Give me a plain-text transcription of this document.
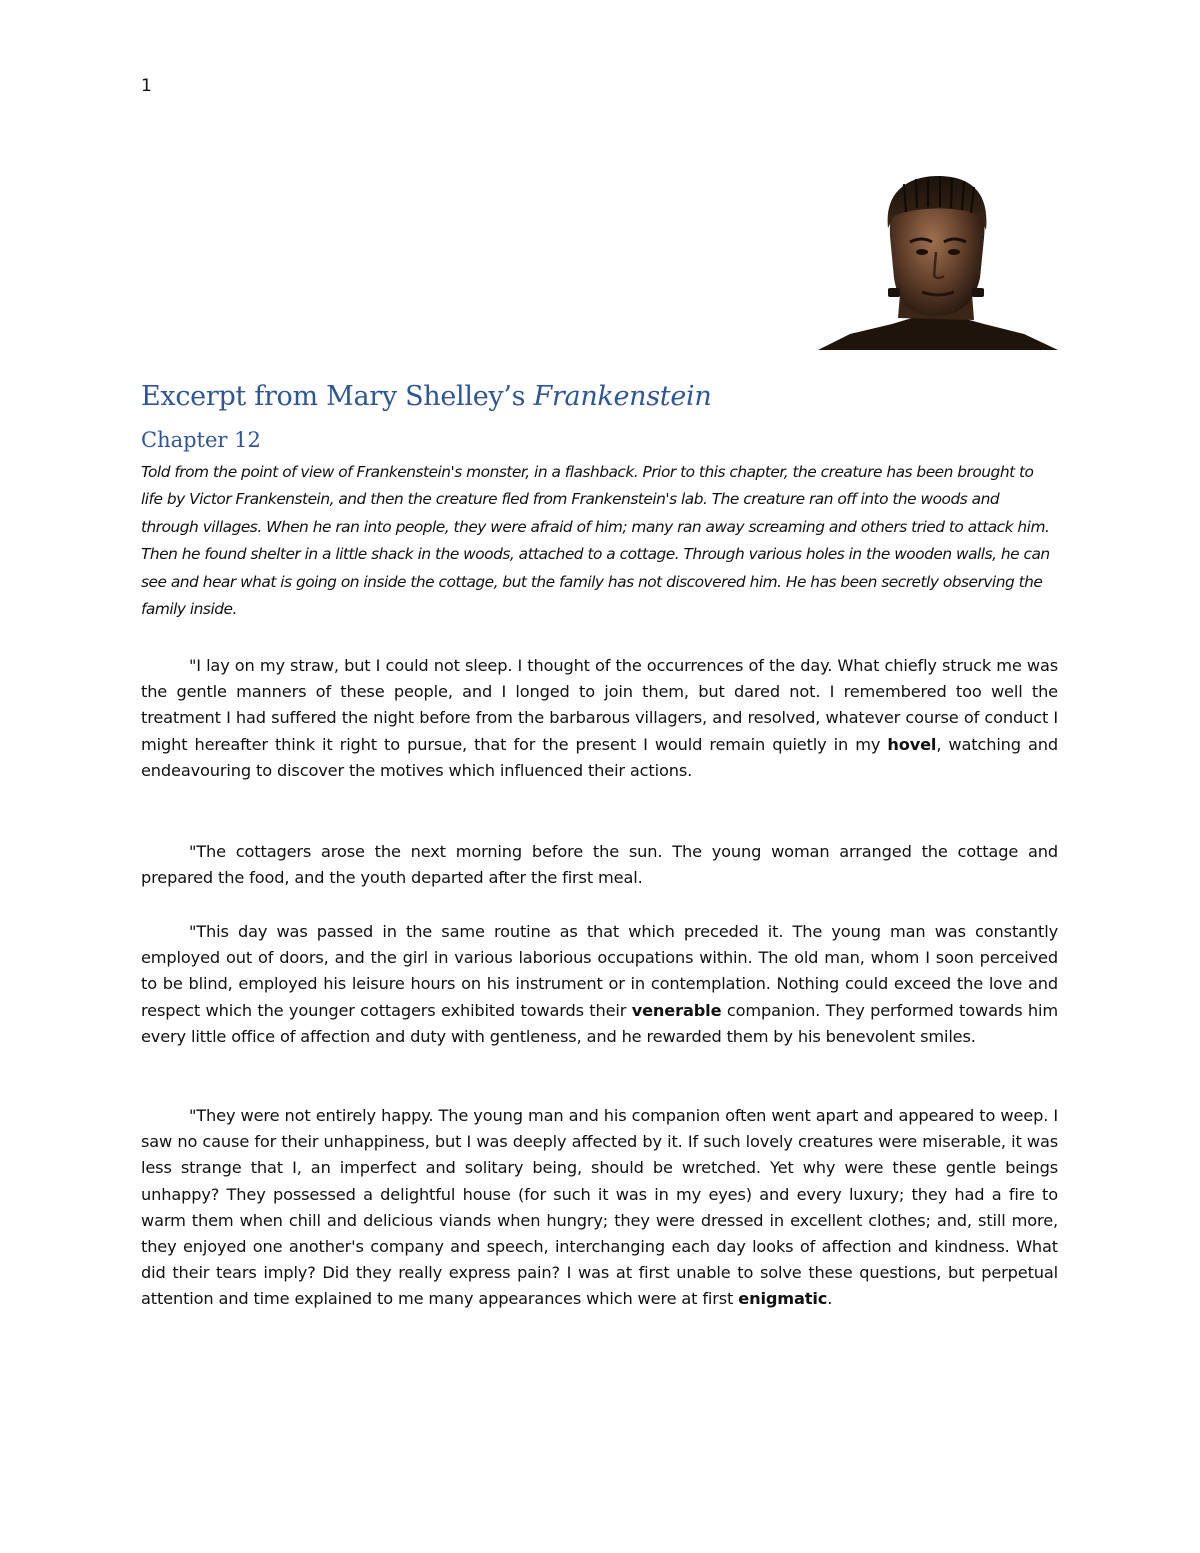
1
Excerpt from Mary Shelley’s Frankenstein
Chapter 12

Told from the point of view of Frankenstein's monster, in a flashback. Prior to this chapter, the creature has been brought to life by Victor Frankenstein, and then the creature fled from Frankenstein's lab. The creature ran off into the woods and through villages. When he ran into people, they were afraid of him; many ran away screaming and others tried to attack him. Then he found shelter in a little shack in the woods, attached to a cottage. Through various holes in the wooden walls, he can see and hear what is going on inside the cottage, but the family has not discovered him. He has been secretly observing the family inside.

"I lay on my straw, but I could not sleep. I thought of the occurrences of the day. What chiefly struck me was the gentle manners of these people, and I longed to join them, but dared not. I remembered too well the treatment I had suffered the night before from the barbarous villagers, and resolved, whatever course of conduct I might hereafter think it right to pursue, that for the present I would remain quietly in my hovel, watching and endeavouring to discover the motives which influenced their actions.

"The cottagers arose the next morning before the sun. The young woman arranged the cottage and prepared the food, and the youth departed after the first meal.

"This day was passed in the same routine as that which preceded it. The young man was constantly employed out of doors, and the girl in various laborious occupations within. The old man, whom I soon perceived to be blind, employed his leisure hours on his instrument or in contemplation. Nothing could exceed the love and respect which the younger cottagers exhibited towards their venerable companion. They performed towards him every little office of affection and duty with gentleness, and he rewarded them by his benevolent smiles.

"They were not entirely happy. The young man and his companion often went apart and appeared to weep. I saw no cause for their unhappiness, but I was deeply affected by it. If such lovely creatures were miserable, it was less strange that I, an imperfect and solitary being, should be wretched. Yet why were these gentle beings unhappy? They possessed a delightful house (for such it was in my eyes) and every luxury; they had a fire to warm them when chill and delicious viands when hungry; they were dressed in excellent clothes; and, still more, they enjoyed one another's company and speech, interchanging each day looks of affection and kindness. What did their tears imply? Did they really express pain? I was at first unable to solve these questions, but perpetual attention and time explained to me many appearances which were at first enigmatic.
